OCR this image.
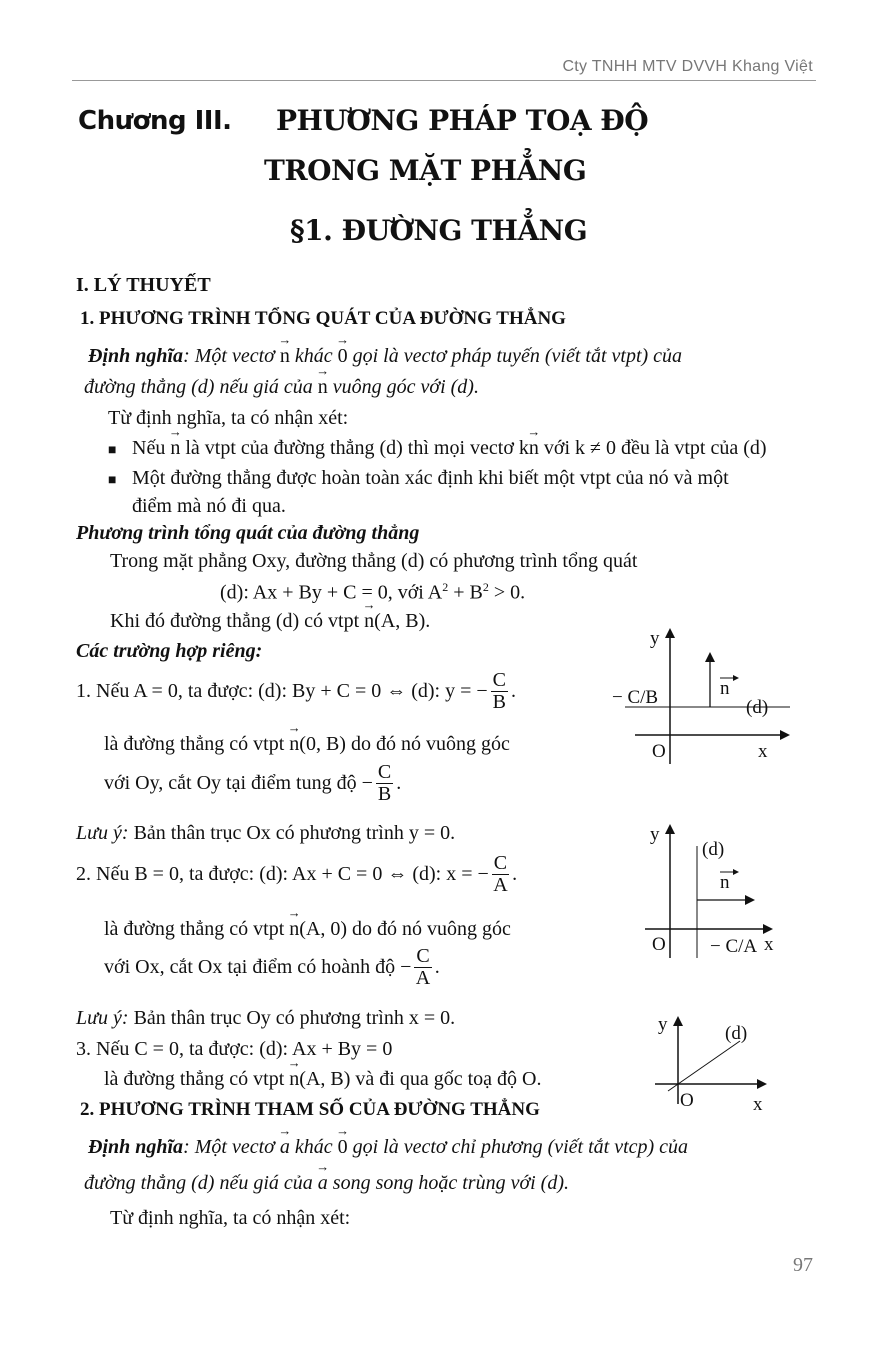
Cty TNHH MTV DVVH Khang Việt
Chương III. PHƯƠNG PHÁP TOẠ ĐỘ
TRONG MẶT PHẲNG
§1. ĐƯỜNG THẲNG
I. LÝ THUYẾT
1. PHƯƠNG TRÌNH TỔNG QUÁT CỦA ĐƯỜNG THẲNG
Định nghĩa: Một vectơ → n khác → 0 gọi là vectơ pháp tuyến (viết tắt vtpt) của
đường thẳng (d) nếu giá của → n vuông góc với (d).
Từ định nghĩa, ta có nhận xét:
■ Nếu → n là vtpt của đường thẳng (d) thì mọi vectơ k→ n với k ≠ 0 đều là vtpt của (d)
■ Một đường thẳng được hoàn toàn xác định khi biết một vtpt của nó và một
điểm mà nó đi qua.
Phương trình tổng quát của đường thẳng
Trong mặt phẳng Oxy, đường thẳng (d) có phương trình tổng quát
(d): Ax + By + C = 0, với $A^2 + B^2 > 0$.
Khi đó đường thẳng (d) có vtpt → n(A, B).
Các trường hợp riêng:
1. Nếu A = 0, ta được: (d): By + C = 0 ⇔ (d): y = − $\frac{C}{B}$ .
là đường thẳng có vtpt → n(0, B) do đó nó vuông góc
với Oy, cắt Oy tại điểm tung độ − $\frac{C}{B}$ .
Lưu ý: Bản thân trục Ox có phương trình y = 0.
2. Nếu B = 0, ta được: (d): Ax + C = 0 ⇔ (d): x = − $\frac{C}{A}$ .
là đường thẳng có vtpt → n(A, 0) do đó nó vuông góc
với Ox, cắt Ox tại điểm có hoành độ − $\frac{C}{A}$ .
Lưu ý: Bản thân trục Oy có phương trình x = 0.
3. Nếu C = 0, ta được: (d): Ax + By = 0
là đường thẳng có vtpt → n(A, B) và đi qua gốc toạ độ O.
2. PHƯƠNG TRÌNH THAM SỐ CỦA ĐƯỜNG THẲNG
Định nghĩa: Một vectơ → a khác → 0 gọi là vectơ chỉ phương (viết tắt vtcp) của
đường thẳng (d) nếu giá của → a song song hoặc trùng với (d).
Từ định nghĩa, ta có nhận xét:
97
y
x
O
(d)
n
− C/B
y
x
O
(d)
n
− C/A
y
x
O
(d)
